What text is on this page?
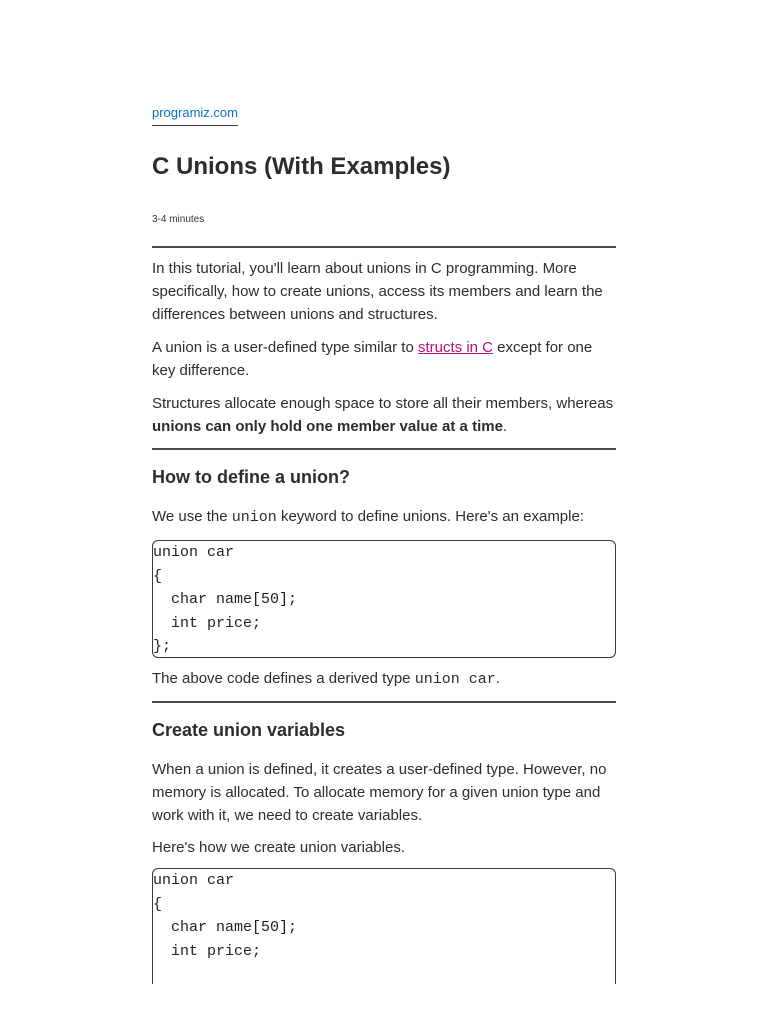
programiz.com
C Unions (With Examples)
3-4 minutes

In this tutorial, you'll learn about unions in C programming. More specifically, how to create unions, access its members and learn the differences between unions and structures.

A union is a user-defined type similar to structs in C except for one key difference.

Structures allocate enough space to store all their members, whereas unions can only hold one member value at a time.

How to define a union?

We use the union keyword to define unions. Here's an example:

union car
{
char name[50];
int price;
};

The above code defines a derived type union car.

Create union variables

When a union is defined, it creates a user-defined type. However, no memory is allocated. To allocate memory for a given union type and work with it, we need to create variables.

Here's how we create union variables.

union car
{
char name[50];
int price;
